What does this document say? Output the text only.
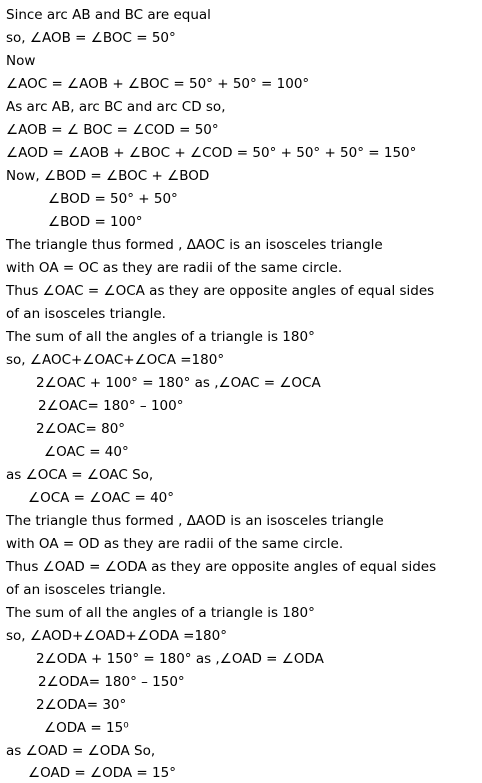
Since arc AB and BC are equal
so, ∠AOB = ∠BOC = 50°
Now
∠AOC = ∠AOB + ∠BOC = 50° + 50° = 100°
As arc AB, arc BC and arc CD so,
∠AOB = ∠ BOC = ∠COD = 50°
∠AOD = ∠AOB + ∠BOC + ∠COD = 50° + 50° + 50° = 150°
Now, ∠BOD = ∠BOC + ∠BOD
∠BOD = 50° + 50°
∠BOD = 100°
The triangle thus formed , ΔAOC is an isosceles triangle
with OA = OC as they are radii of the same circle.
Thus ∠OAC = ∠OCA as they are opposite angles of equal sides
of an isosceles triangle.
The sum of all the angles of a triangle is 180°
so, ∠AOC+∠OAC+∠OCA =180°
2∠OAC + 100° = 180° as ,∠OAC = ∠OCA
2∠OAC= 180° – 100°
2∠OAC= 80°
∠OAC = 40°
as ∠OCA = ∠OAC So,
∠OCA = ∠OAC = 40°
The triangle thus formed , ΔAOD is an isosceles triangle
with OA = OD as they are radii of the same circle.
Thus ∠OAD = ∠ODA as they are opposite angles of equal sides
of an isosceles triangle.
The sum of all the angles of a triangle is 180°
so, ∠AOD+∠OAD+∠ODA =180°
2∠ODA + 150° = 180° as ,∠OAD = ∠ODA
2∠ODA= 180° – 150°
2∠ODA= 30°
∠ODA = 15⁰
as ∠OAD = ∠ODA So,
∠OAD = ∠ODA = 15°
